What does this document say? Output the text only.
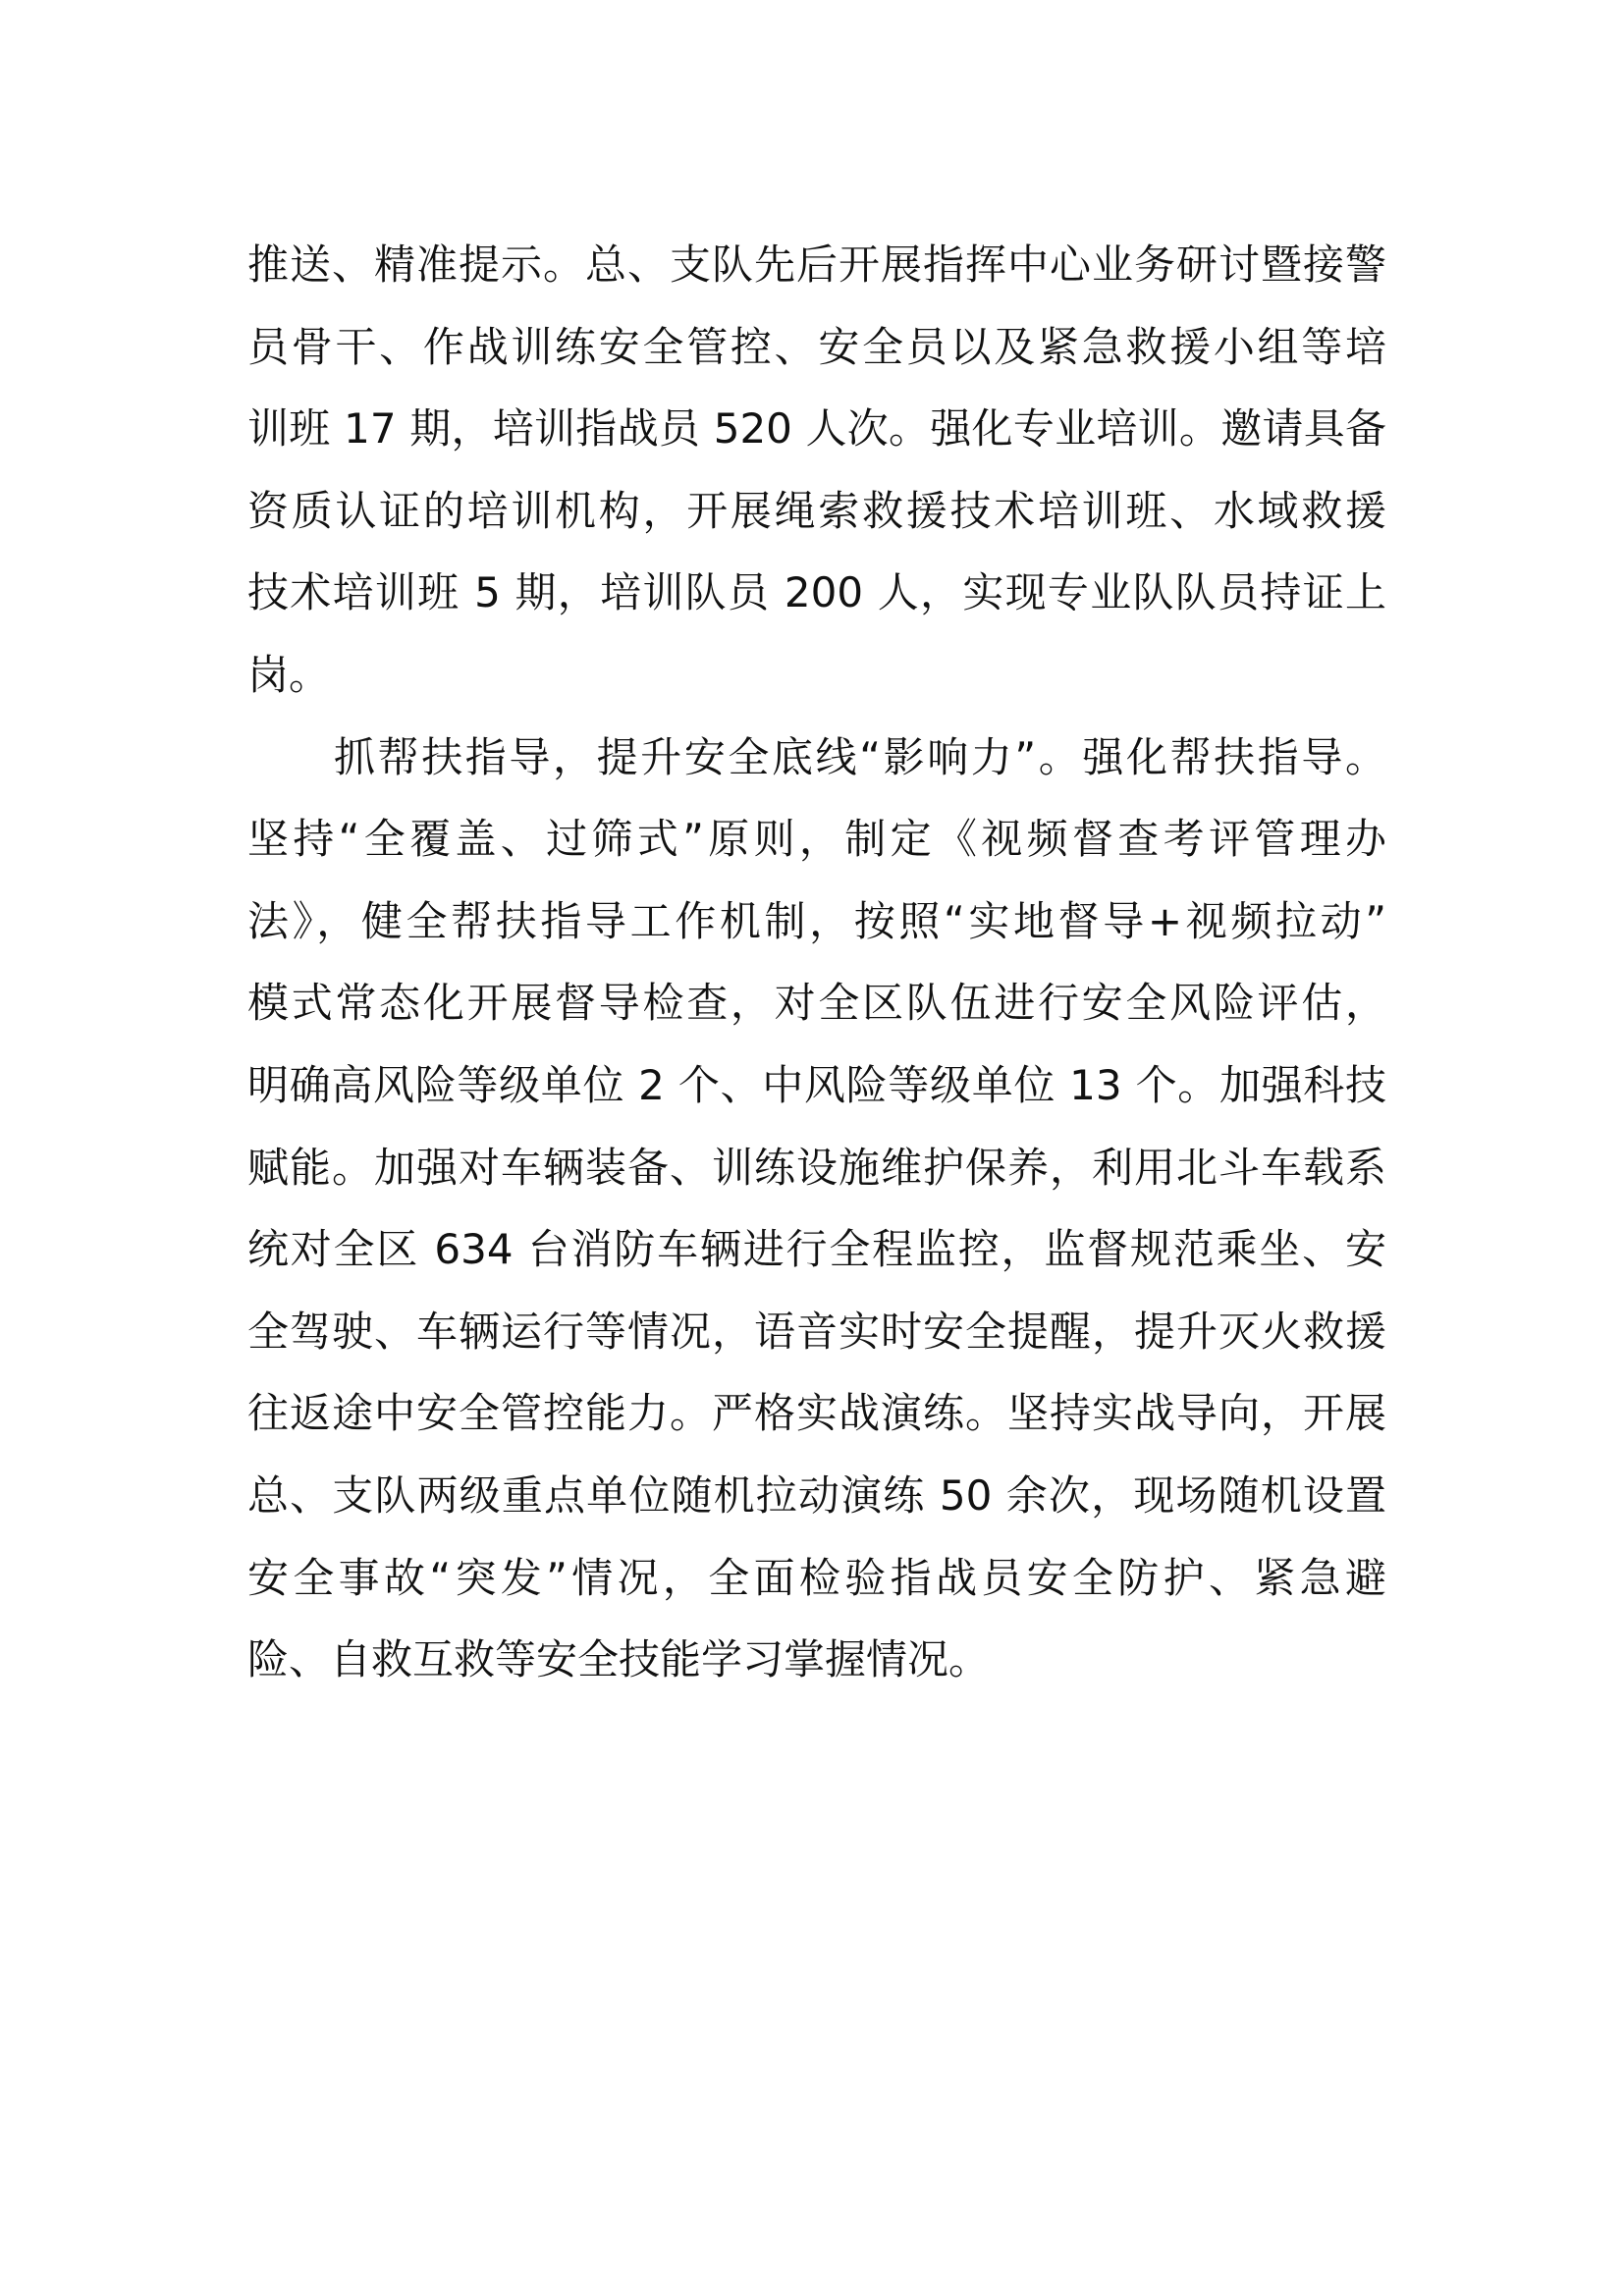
推送、精准提示。总、支队先后开展指挥中心业务研讨暨接警
员骨干、作战训练安全管控、安全员以及紧急救援小组等培
训班 17 期，培训指战员 520 人次。强化专业培训。邀请具备
资质认证的培训机构，开展绳索救援技术培训班、水域救援
技术培训班 5 期，培训队员 200 人，实现专业队队员持证上
岗。
抓帮扶指导，提升安全底线“影响力”。强化帮扶指导。
坚持“全覆盖、过筛式”原则，制定《视频督查考评管理办
法》，健全帮扶指导工作机制，按照“实地督导+视频拉动”
模式常态化开展督导检查，对全区队伍进行安全风险评估，
明确高风险等级单位 2 个、中风险等级单位 13 个。加强科技
赋能。加强对车辆装备、训练设施维护保养，利用北斗车载系
统对全区 634 台消防车辆进行全程监控，监督规范乘坐、安
全驾驶、车辆运行等情况，语音实时安全提醒，提升灭火救援
往返途中安全管控能力。严格实战演练。坚持实战导向，开展
总、支队两级重点单位随机拉动演练 50 余次，现场随机设置
安全事故“突发”情况，全面检验指战员安全防护、紧急避
险、自救互救等安全技能学习掌握情况。
